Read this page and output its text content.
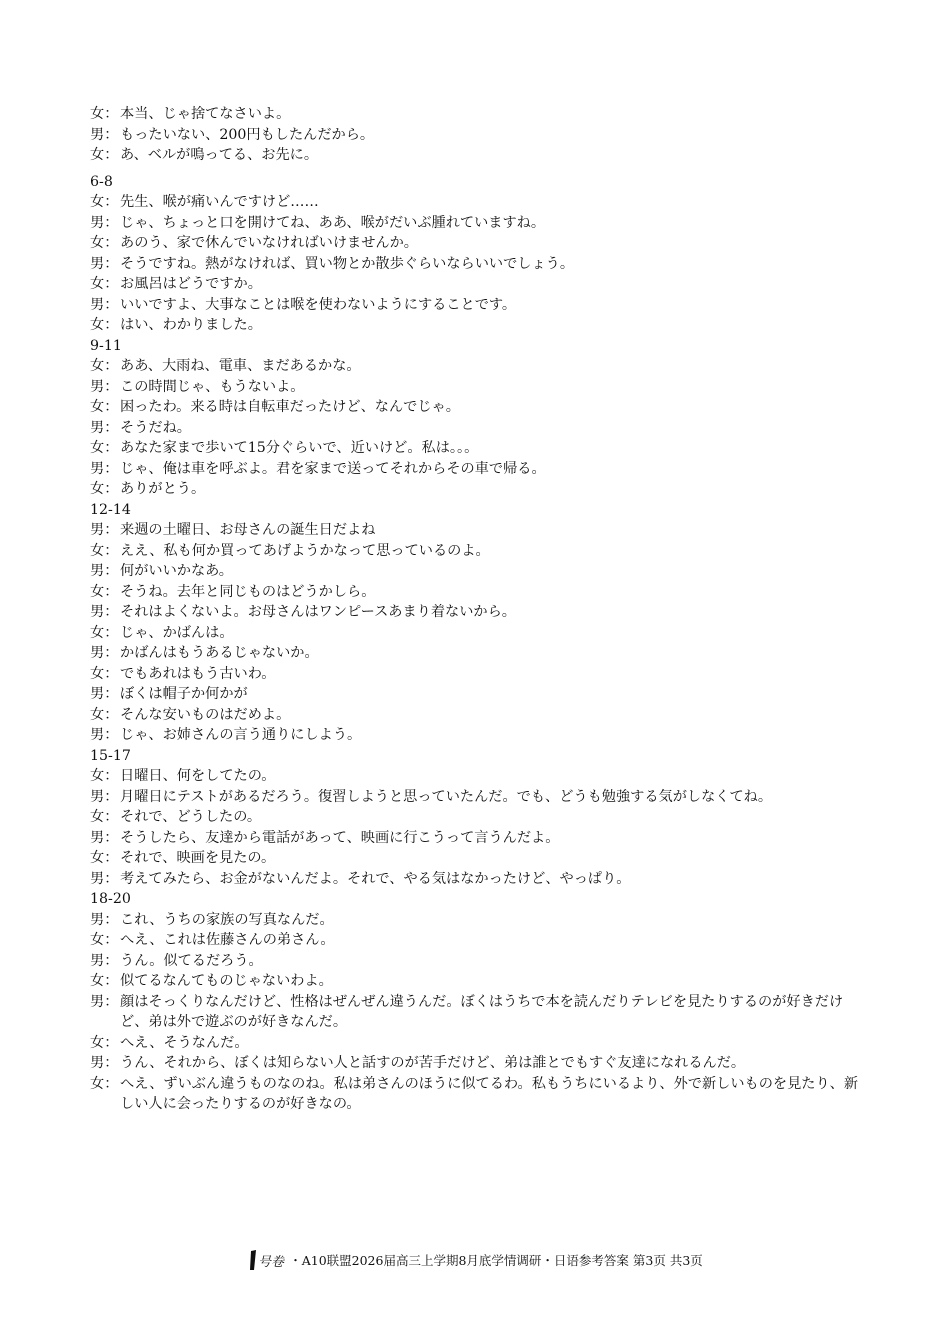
女： 本当、じゃ捨てなさいよ。
男： もったいない、200円もしたんだから。
女： あ、ベルが鳴ってる、お先に。
6-8
女： 先生、喉が痛いんですけど……
男： じゃ、ちょっと口を開けてね、ああ、喉がだいぶ腫れていますね。
女： あのう、家で休んでいなければいけませんか。
男： そうですね。熱がなければ、買い物とか散歩ぐらいならいいでしょう。
女： お風呂はどうですか。
男： いいですよ、大事なことは喉を使わないようにすることです。
女： はい、わかりました。
9-11
女： ああ、大雨ね、電車、まだあるかな。
男： この時間じゃ、もうないよ。
女： 困ったわ。来る時は自転車だったけど、なんでじゃ。
男： そうだね。
女： あなた家まで歩いて15分ぐらいで、近いけど。私は。。。
男： じゃ、俺は車を呼ぶよ。君を家まで送ってそれからその車で帰る。
女： ありがとう。
12-14
男： 来週の土曜日、お母さんの誕生日だよね
女： ええ、私も何か買ってあげようかなって思っているのよ。
男： 何がいいかなあ。
女： そうね。去年と同じものはどうかしら。
男： それはよくないよ。お母さんはワンピースあまり着ないから。
女： じゃ、かばんは。
男： かばんはもうあるじゃないか。
女： でもあれはもう古いわ。
男： ぼくは帽子か何かが
女： そんな安いものはだめよ。
男： じゃ、お姉さんの言う通りにしよう。
15-17
女： 日曜日、何をしてたの。
男： 月曜日にテストがあるだろう。復習しようと思っていたんだ。でも、どうも勉強する気がしなくてね。
女： それで、どうしたの。
男： そうしたら、友達から電話があって、映画に行こうって言うんだよ。
女： それで、映画を見たの。
男： 考えてみたら、お金がないんだよ。それで、やる気はなかったけど、やっぱり。
18-20
男： これ、うちの家族の写真なんだ。
女： へえ、これは佐藤さんの弟さん。
男： うん。似てるだろう。
女： 似てるなんてものじゃないわよ。
男： 顔はそっくりなんだけど、性格はぜんぜん違うんだ。ぼくはうちで本を読んだりテレビを見たりするのが好きだけど、弟は外で遊ぶのが好きなんだ。
女： へえ、そうなんだ。
男： うん、それから、ぼくは知らない人と話すのが苦手だけど、弟は誰とでもすぐ友達になれるんだ。
女： へえ、ずいぶん違うものなのね。私は弟さんのほうに似てるわ。私もうちにいるより、外で新しいものを見たり、新しい人に会ったりするのが好きなの。
号卷 ・A10联盟2026届高三上学期8月底学情调研・日语参考答案 第3页 共3页
